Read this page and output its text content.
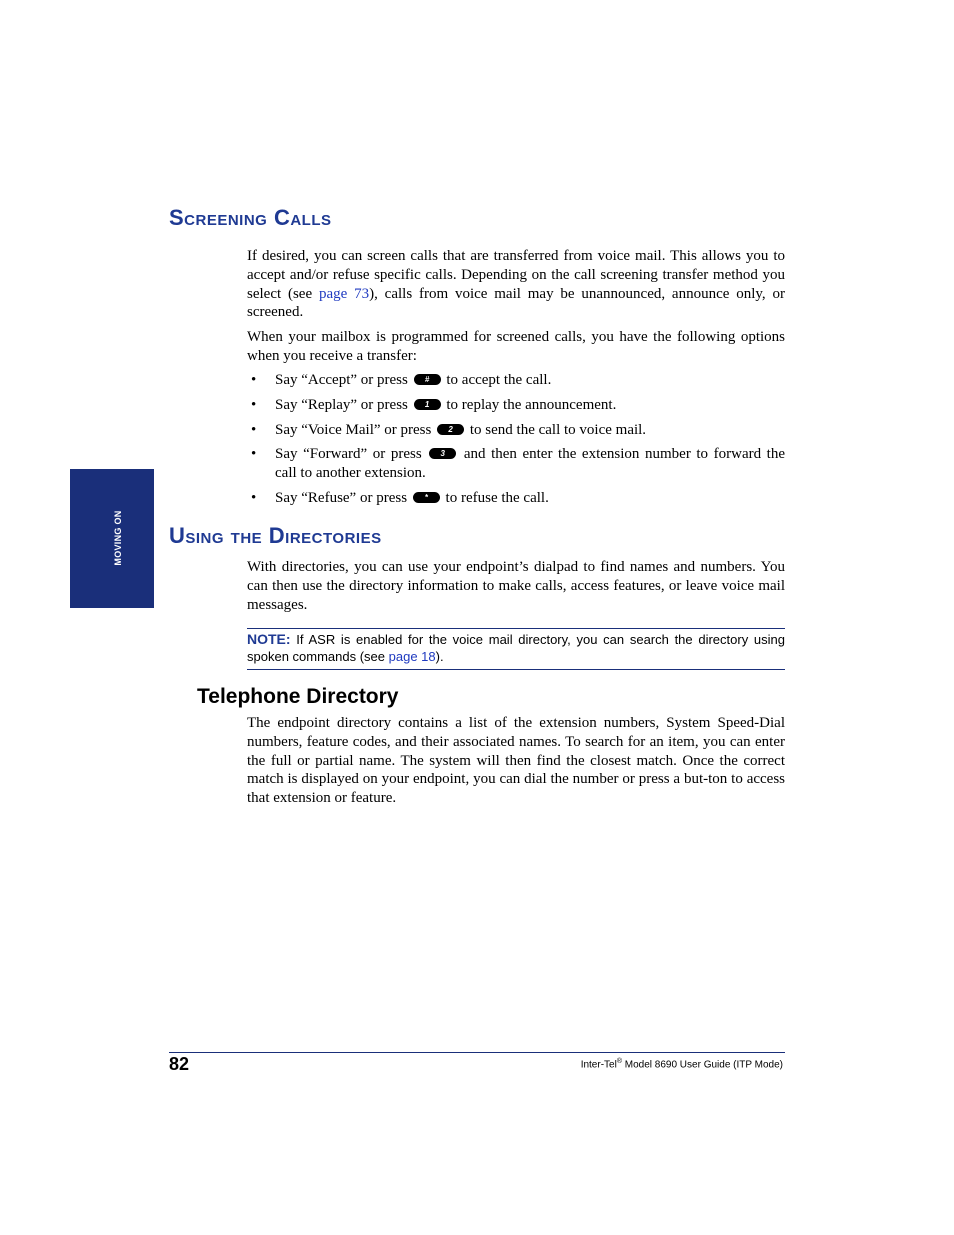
MOVING ON
Screening Calls

If desired, you can screen calls that are transferred from voice mail. This allows you to accept and/or refuse specific calls. Depending on the call screening transfer method you select (see page 73), calls from voice mail may be unannounced, announce only, or screened.

When your mailbox is programmed for screened calls, you have the following options when you receive a transfer:

• Say “Accept” or press # to accept the call.
• Say “Replay” or press 1 to replay the announcement.
• Say “Voice Mail” or press 2 to send the call to voice mail.
• Say “Forward” or press 3 and then enter the extension number to forward the call to another extension.
• Say “Refuse” or press * to refuse the call.
Using the Directories

With directories, you can use your endpoint’s dialpad to find names and numbers. You can then use the directory information to make calls, access features, or leave voice mail messages.

NOTE: If ASR is enabled for the voice mail directory, you can search the directory using spoken commands (see page 18).
Telephone Directory

The endpoint directory contains a list of the extension numbers, System Speed-Dial numbers, feature codes, and their associated names. To search for an item, you can enter the full or partial name. The system will then find the closest match. Once the correct match is displayed on your endpoint, you can dial the number or press a but-ton to access that extension or feature.

82	Inter-Tel® Model 8690 User Guide (ITP Mode)
